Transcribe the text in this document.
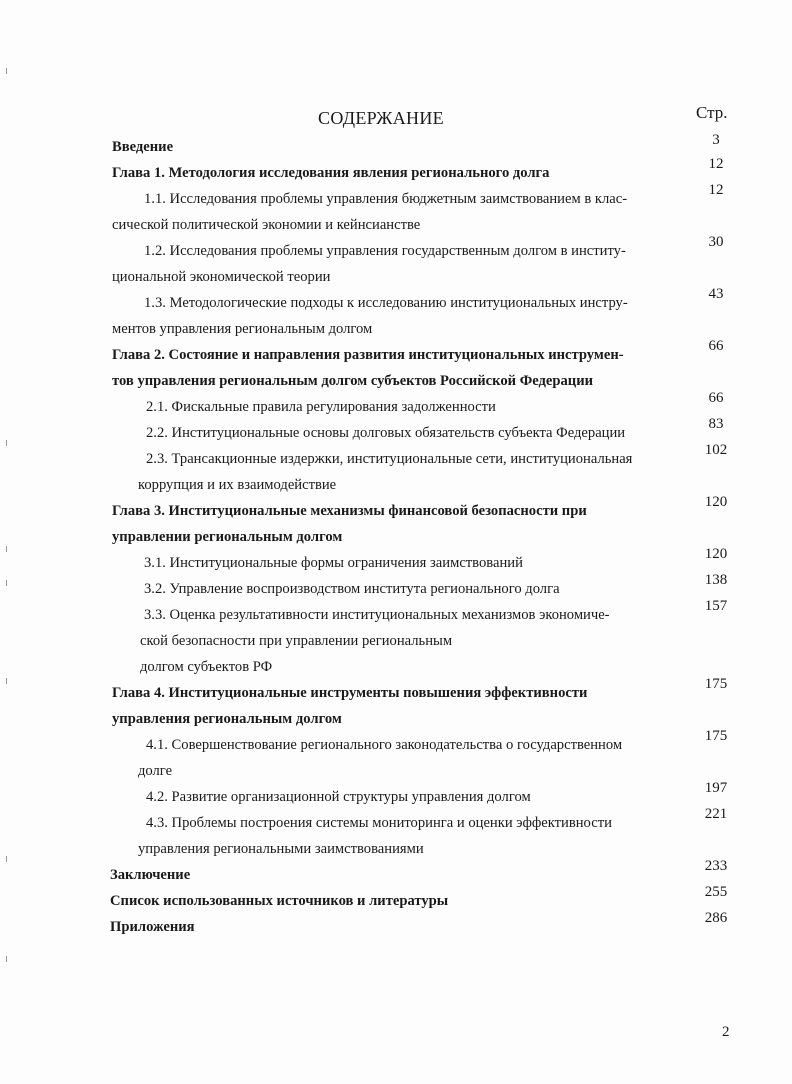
СОДЕРЖАНИЕ	Стр.
Введение	3
Глава 1. Методология исследования явления регионального долга
12
1.1. Исследования проблемы управления бюджетным заимствованием в клас-
сической политической экономии и кейнсианстве
12
1.2. Исследования проблемы управления государственным долгом в институ-
циональной экономической теории
30
1.3. Методологические подходы к исследованию институциональных инстру-
ментов управления региональным долгом
43
Глава 2. Состояние и направления развития институциональных инструмен-
тов управления региональным долгом субъектов Российской Федерации
66
2.1. Фискальные правила регулирования задолженности
66
2.2. Институциональные основы долговых обязательств субъекта Федерации
83
2.3. Трансакционные издержки, институциональные сети, институциональная
коррупция и их взаимодействие
102
Глава 3. Институциональные механизмы финансовой безопасности при
управлении региональным долгом
120
3.1. Институциональные формы ограничения заимствований
120
3.2. Управление воспроизводством института регионального долга
138
3.3. Оценка результативности институциональных механизмов экономиче-
ской безопасности при управлении региональным
долгом субъектов РФ
157
Глава 4. Институциональные инструменты повышения эффективности
управления региональным долгом
175
4.1. Совершенствование регионального законодательства о государственном
долге
175
4.2. Развитие организационной структуры управления долгом
197
4.3. Проблемы построения системы мониторинга и оценки эффективности
управления региональными заимствованиями
221
Заключение
233
Список использованных источников и литературы
255
Приложения
286
2
